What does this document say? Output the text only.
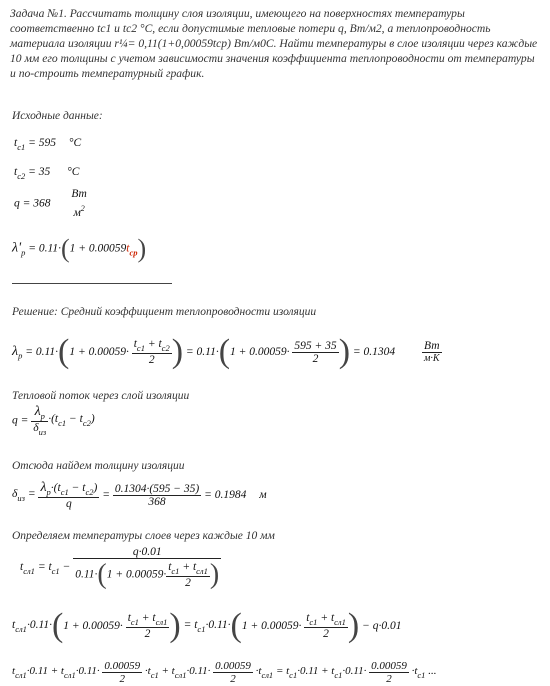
Задача №1. Рассчитать толщину слоя изоляции, имеющего на поверхностях температуры соответственно tc1 и tc2 °С, если допустимые тепловые потери q, Вт/м2, а теплопроводность материала изоляции r¼= 0,11(1+0,00059tср) Вт/м0С. Найти температуры в слое изоляции через каждые 10 мм его толщины с учетом зависимости значения коэффициента теплопроводности от температуры и по-строить температурный график.
Исходные данные:
$t_{c1} = 595$ °C
$t_{c2} = 35$ °C
q = 368
Вт
$м^2$
$\lambda'_р = 0.11\cdot(1 + 0.00059t_{ср})$
Решение: Средний коэффициент теплопроводности изоляции
$\lambda_р = 0.11\cdot(1 + 0.00059\cdot \frac{t_{c1} + t_{c2}}{2}$ ) = $0.11\cdot(1 + 0.00059\cdot \frac{595 + 35}{2}$ ) = $0.1304 \frac{Вт}{м\cdot К}$
Тепловой поток через слой изоляции
$q = \frac{\lambda_р}{\delta_{из}} \cdot(t_{c1} - t_{c2})$
Отсюда найдем толщину изоляции
$\delta_{из} = \frac{\lambda_р\cdot(t_{c1} - t_{c2})}{q} = \frac{0.1304\cdot(595 - 35)}{368} = 0.1984$ м
Определяем температуры слоев через каждые 10 мм
$t_{сл1} = t_{c1} - \frac{q\cdot 0.01}{0.11\cdot(1 + 0.00059\cdot \frac{t_{c1} + t_{сл1}}{2} )}$
$t_{сл1}\cdot 0.11\cdot(1 + 0.00059\cdot \frac{t_{c1} + t_{сл1}}{2}$ ) = $t_{c1}\cdot 0.11\cdot(1 + 0.00059\cdot \frac{t_{c1} + t_{сл1}}{2}$ ) − q·0.01
$t_{сл1}\cdot 0.11 + t_{сл1}\cdot 0.11\cdot \frac{0.00059}{2} \cdot t_{c1} + t_{сл1}\cdot 0.11\cdot \frac{0.00059}{2} \cdot t_{сл1} = t_{c1}\cdot 0.11 + t_{c1}\cdot 0.11\cdot \frac{0.00059}{2} \cdot t_{c1}$ ...
